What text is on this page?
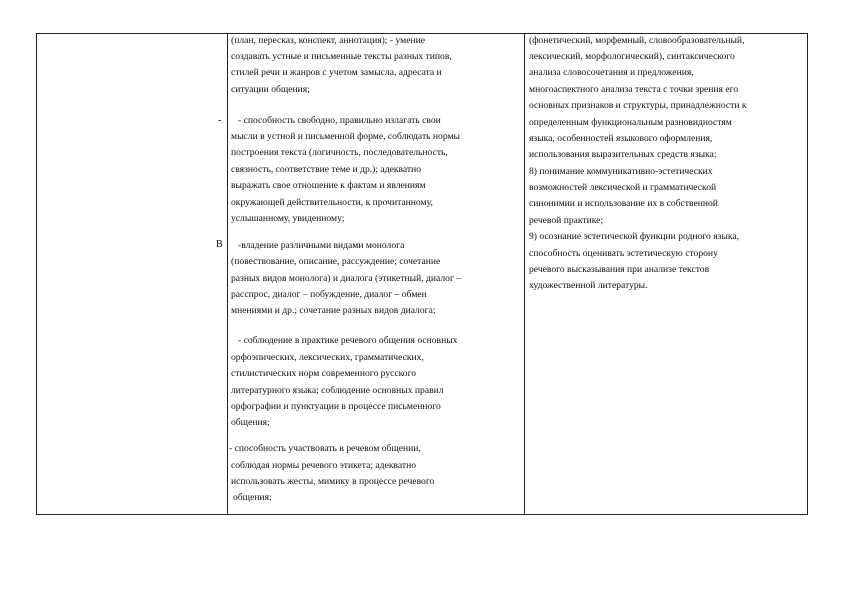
-
В
(план, пересказ, конспект, аннотация); - умение
создавать устные и письменные тексты разных типов,
стилей речи и жанров с учетом замысла, адресата и
ситуации общения;
- способность свободно, правильно излагать свои
мысли в устной и письменной форме, соблюдать нормы
построения текста (логичность, последовательность,
связность, соответствие теме и др.); адекватно
выражать свое отношение к фактам и явлениям
окружающей действительности, к прочитанному,
услышанному, увиденному;
-владение различными видами монолога
(повествование, описание, рассуждение; сочетание
разных видов монолога) и диалога (этикетный, диалог –
расспрос, диалог – побуждение, диалог – обмен
мнениями и др.; сочетание разных видов диалога;
- соблюдение в практике речевого общения основных
орфоэпических, лексических, грамматических,
стилистических норм современного русского
литературного языка; соблюдение основных правил
орфографии и пунктуации в процессе письменного
общения;
- способность участвовать в речевом общении,
соблюдая нормы речевого этикета; адекватно
использовать жесты, мимику в процессе речевого
общения;
(фонетический, морфемный, словообразовательный,
лексический, морфологический), синтаксического
анализа словосочетания и предложения,
многоаспектного анализа текста с точки зрения его
основных признаков и структуры, принадлежности к
определенным функциональным разновидностям
языка, особенностей языкового оформления,
использования выразительных средств языка;
8) понимание коммуникативно-эстетических
возможностей лексической и грамматической
синонимии и использование их в собственной
речевой практике;
9) осознание эстетической функции родного языка,
способность оценивать эстетическую сторону
речевого высказывания при анализе текстов
художественной литературы.
